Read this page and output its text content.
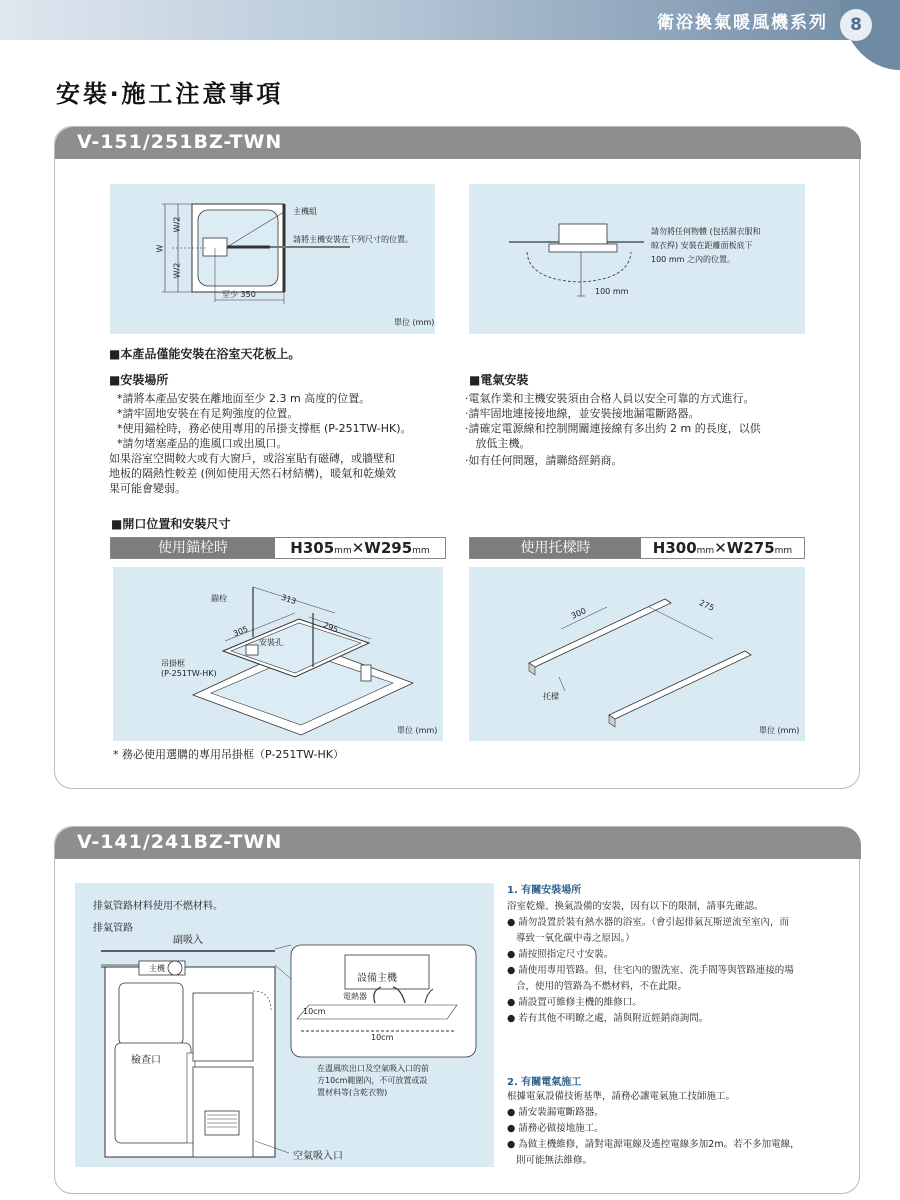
衛浴換氣暖風機系列	8
安裝‧施工注意事項
V-151/251BZ-TWN
主機組
請將主機安裝在下列尺寸的位置。
W
W/2
W/2
至少 350
單位 (mm)
請勿將任何物體 (包括濕衣服和
晾衣桿) 安裝在距離面板底下
100 mm 之內的位置。
100 mm
■本產品僅能安裝在浴室天花板上。
■安裝場所
*請將本產品安裝在離地面至少 2.3 m 高度的位置。
*請牢固地安裝在有足夠強度的位置。
*使用錨栓時，務必使用專用的吊掛支撐框 (P-251TW-HK)。
*請勿堵塞產品的進風口或出風口。
如果浴室空間較大或有大窗戶，或浴室貼有磁磚，或牆壁和
地板的隔熱性較差 (例如使用天然石材結構)，暖氣和乾燥效
果可能會變弱。
■電氣安裝
‧電氣作業和主機安裝須由合格人員以安全可靠的方式進行。
‧請牢固地連接接地線，並安裝接地漏電斷路器。
‧請確定電源線和控制開關連接線有多出約 2 m 的長度，以供
放低主機。
‧如有任何問題，請聯絡經銷商。
■開口位置和安裝尺寸
使用錨栓時	H305mm✕W295mm	使用托樑時	H300mm✕W275mm
錨栓	313
305	295
安裝孔
吊掛框
(P-251TW-HK)
單位 (mm)
300
275
托樑
單位 (mm)
* 務必使用選購的專用吊掛框（P-251TW-HK）
V-141/241BZ-TWN
排氣管路材料使用不燃材料。
排氣管路
副吸入
主機
檢查口
空氣吸入口
設備主機
電熱器
10cm
10cm
在溫風吹出口及空氣吸入口的前
方10cm範圍內，不可放置或設
置材料等(含乾衣物)
1. 有關安裝場所
浴室乾燥、換氣設備的安裝，因有以下的限制，請事先確認。
● 請勿設置於裝有熱水器的浴室。（會引起排氣瓦斯逆流至室內，而
導致一氧化碳中毒之原因。）
● 請按照指定尺寸安裝。
● 請使用專用管路。但，住宅內的盥洗室、洗手間等與管路連接的場
合，使用的管路為不燃材料，不在此限。
● 請設置可維修主機的維修口。
● 若有其他不明瞭之處，請與附近經銷商詢問。
2. 有關電氣施工
根據電氣設備技術基準，請務必讓電氣施工技師施工。
● 請安裝漏電斷路器。
● 請務必做接地施工。
● 為做主機維修，請對電源電線及遙控電線多加2m。若不多加電線，
則可能無法維修。
